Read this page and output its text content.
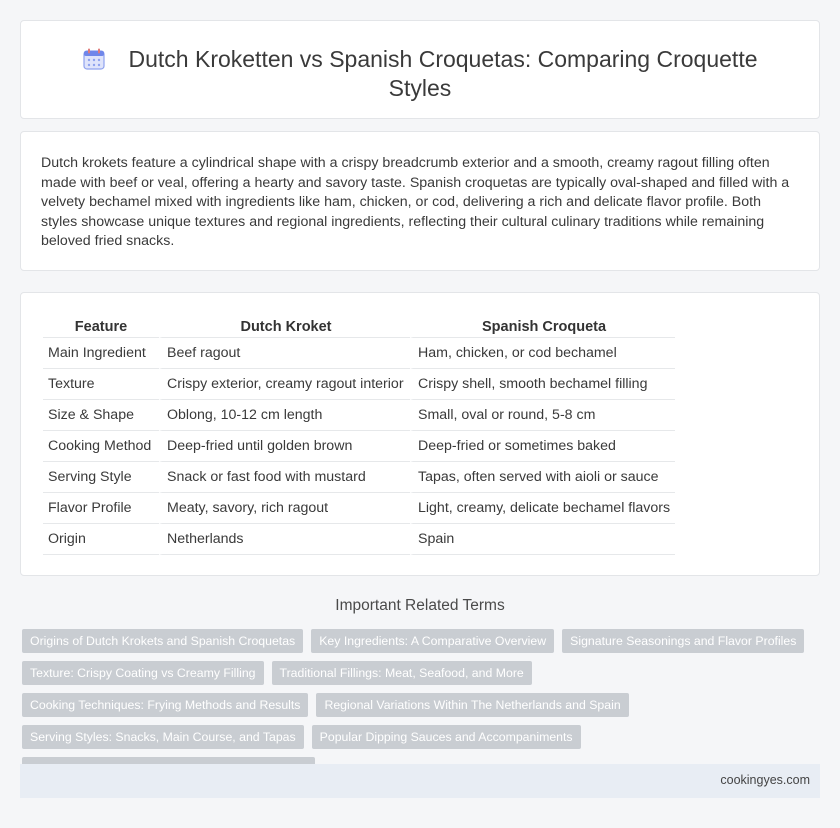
Dutch Kroketten vs Spanish Croquetas: Comparing Croquette Styles

Dutch krokets feature a cylindrical shape with a crispy breadcrumb exterior and a smooth, creamy ragout filling often made with beef or veal, offering a hearty and savory taste. Spanish croquetas are typically oval-shaped and filled with a velvety bechamel mixed with ingredients like ham, chicken, or cod, delivering a rich and delicate flavor profile. Both styles showcase unique textures and regional ingredients, reflecting their cultural culinary traditions while remaining beloved fried snacks.

Feature	Dutch Kroket	Spanish Croqueta
Main Ingredient	Beef ragout	Ham, chicken, or cod bechamel
Texture	Crispy exterior, creamy ragout interior	Crispy shell, smooth bechamel filling
Size & Shape	Oblong, 10-12 cm length	Small, oval or round, 5-8 cm
Cooking Method	Deep-fried until golden brown	Deep-fried or sometimes baked
Serving Style	Snack or fast food with mustard	Tapas, often served with aioli or sauce
Flavor Profile	Meaty, savory, rich ragout	Light, creamy, delicate bechamel flavors
Origin	Netherlands	Spain
Important Related Terms
Origins of Dutch Krokets and Spanish Croquetas	Key Ingredients: A Comparative Overview	Signature Seasonings and Flavor Profiles
Texture: Crispy Coating vs Creamy Filling	Traditional Fillings: Meat, Seafood, and More
Cooking Techniques: Frying Methods and Results	Regional Variations Within The Netherlands and Spain
Serving Styles: Snacks, Main Course, and Tapas	Popular Dipping Sauces and Accompaniments
cookingyes.com
